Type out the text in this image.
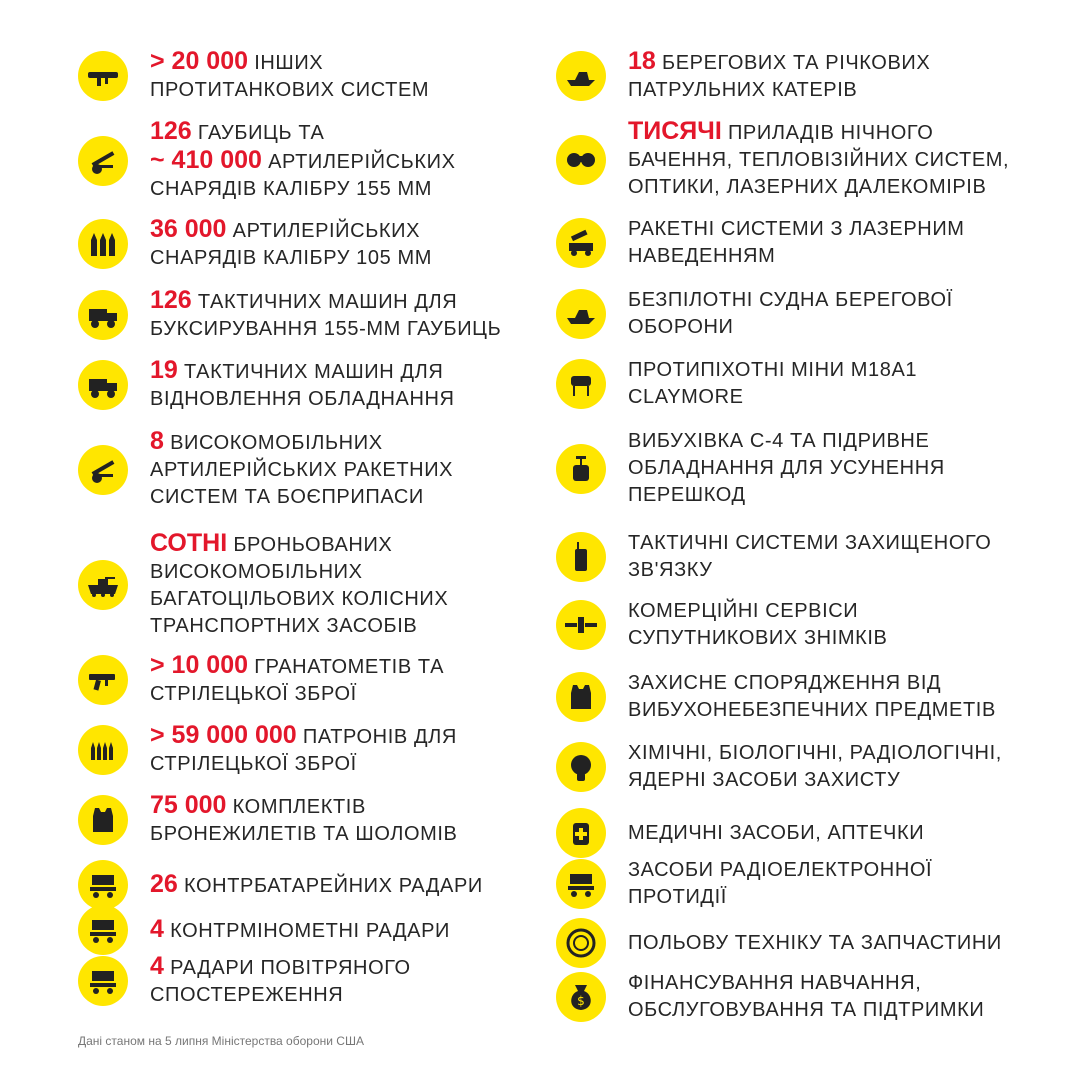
> 20 000 ІНШИХ
ПРОТИТАНКОВИХ СИСТЕМ
126 ГАУБИЦЬ ТА
~ 410 000 АРТИЛЕРІЙСЬКИХ
СНАРЯДІВ КАЛІБРУ 155 ММ
36 000 АРТИЛЕРІЙСЬКИХ
СНАРЯДІВ КАЛІБРУ 105 ММ
126 ТАКТИЧНИХ МАШИН ДЛЯ
БУКСИРУВАННЯ 155-ММ ГАУБИЦЬ
19 ТАКТИЧНИХ МАШИН ДЛЯ
ВІДНОВЛЕННЯ ОБЛАДНАННЯ
8 ВИСОКОМОБІЛЬНИХ
АРТИЛЕРІЙСЬКИХ РАКЕТНИХ
СИСТЕМ ТА БОЄПРИПАСИ
СОТНІ БРОНЬОВАНИХ
ВИСОКОМОБІЛЬНИХ
БАГАТОЦІЛЬОВИХ КОЛІСНИХ
ТРАНСПОРТНИХ ЗАСОБІВ
> 10 000 ГРАНАТОМЕТІВ ТА
СТРІЛЕЦЬКОЇ ЗБРОЇ
> 59 000 000 ПАТРОНІВ ДЛЯ
СТРІЛЕЦЬКОЇ ЗБРОЇ
75 000 КОМПЛЕКТІВ
БРОНЕЖИЛЕТІВ ТА ШОЛОМІВ
26 КОНТРБАТАРЕЙНИХ РАДАРИ
4 КОНТРМІНОМЕТНІ РАДАРИ
4 РАДАРИ ПОВІТРЯНОГО
СПОСТЕРЕЖЕННЯ
18 БЕРЕГОВИХ ТА РІЧКОВИХ
ПАТРУЛЬНИХ КАТЕРІВ
ТИСЯЧІ ПРИЛАДІВ НІЧНОГО
БАЧЕННЯ, ТЕПЛОВІЗІЙНИХ СИСТЕМ,
ОПТИКИ, ЛАЗЕРНИХ ДАЛЕКОМІРІВ
РАКЕТНІ СИСТЕМИ З ЛАЗЕРНИМ
НАВЕДЕННЯМ
БЕЗПІЛОТНІ СУДНА БЕРЕГОВОЇ
ОБОРОНИ
ПРОТИПІХОТНІ МІНИ М18А1
CLAYMORE
ВИБУХІВКА С-4 ТА ПІДРИВНЕ
ОБЛАДНАННЯ ДЛЯ УСУНЕННЯ
ПЕРЕШКОД
ТАКТИЧНІ СИСТЕМИ ЗАХИЩЕНОГО
ЗВ'ЯЗКУ
КОМЕРЦІЙНІ СЕРВІСИ
СУПУТНИКОВИХ ЗНІМКІВ
ЗАХИСНЕ СПОРЯДЖЕННЯ ВІД
ВИБУХОНЕБЕЗПЕЧНИХ ПРЕДМЕТІВ
ХІМІЧНІ, БІОЛОГІЧНІ, РАДІОЛОГІЧНІ,
ЯДЕРНІ ЗАСОБИ ЗАХИСТУ
МЕДИЧНІ ЗАСОБИ, АПТЕЧКИ
ЗАСОБИ РАДІОЕЛЕКТРОННОЇ
ПРОТИДІЇ
ПОЛЬОВУ ТЕХНІКУ ТА ЗАПЧАСТИНИ
$
ФІНАНСУВАННЯ НАВЧАННЯ,
ОБСЛУГОВУВАННЯ ТА ПІДТРИМКИ
Дані станом на 5 липня Міністерства оборони США
